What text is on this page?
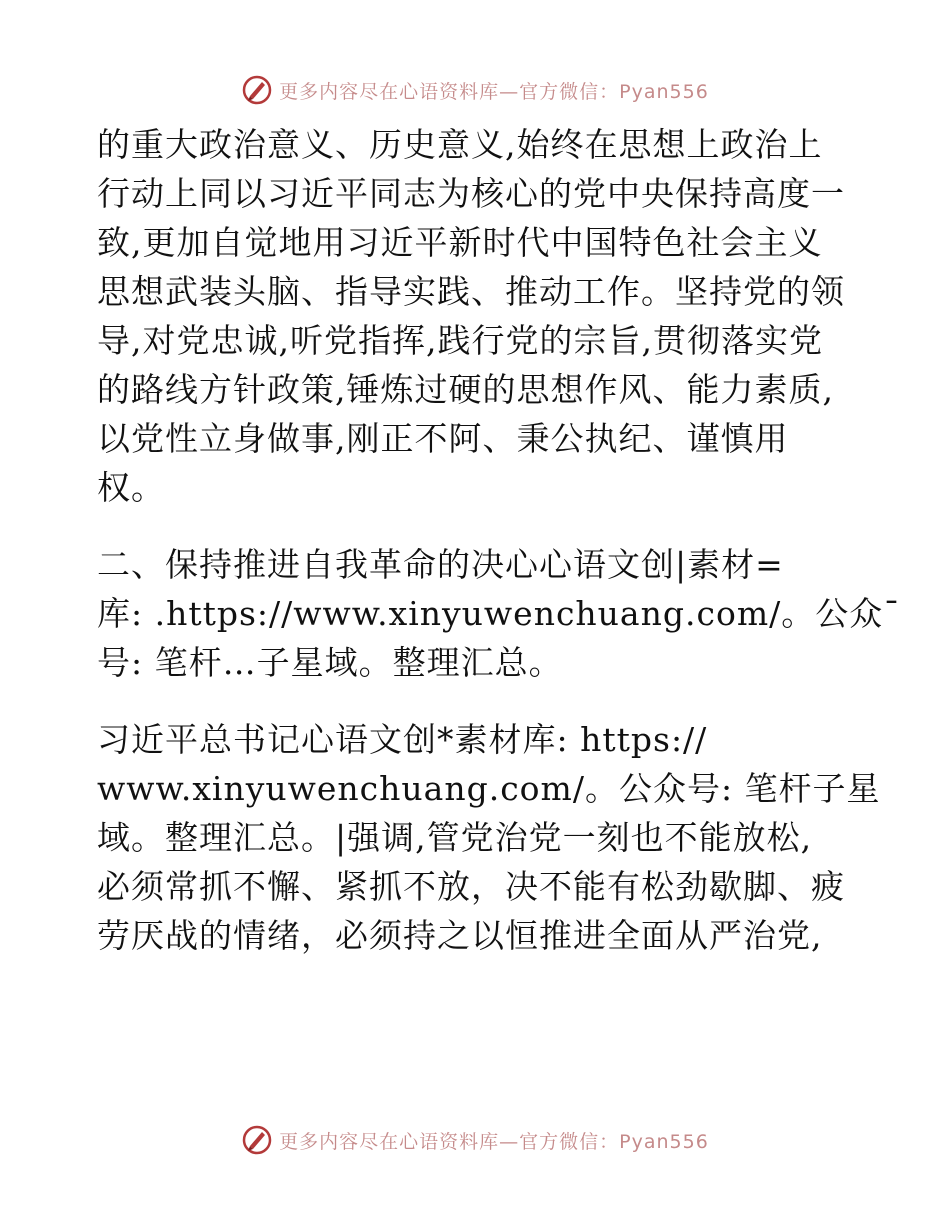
更多内容尽在心语资料库—官方微信：Pyan556
的重大政治意义、历史意义,始终在思想上政治上
行动上同以习近平同志为核心的党中央保持高度一
致,更加自觉地用习近平新时代中国特色社会主义
思想武装头脑、指导实践、推动工作。坚持党的领
导,对党忠诚,听党指挥,践行党的宗旨,贯彻落实党
的路线方针政策,锤炼过硬的思想作风、能力素质,
以党性立身做事,刚正不阿、秉公执纪、谨慎用
权。
二、保持推进自我革命的决心心语文创|素材=
库: .https://www.xinyuwenchuang.com/。公众¯
号: 笔杆…子星域。整理汇总。
习近平总书记心语文创*素材库: https://
www.xinyuwenchuang.com/。公众号: 笔杆子星
域。整理汇总。|强调,管党治党一刻也不能放松,
必须常抓不懈、紧抓不放，决不能有松劲歇脚、疲
劳厌战的情绪，必须持之以恒推进全面从严治党,
更多内容尽在心语资料库—官方微信：Pyan556
